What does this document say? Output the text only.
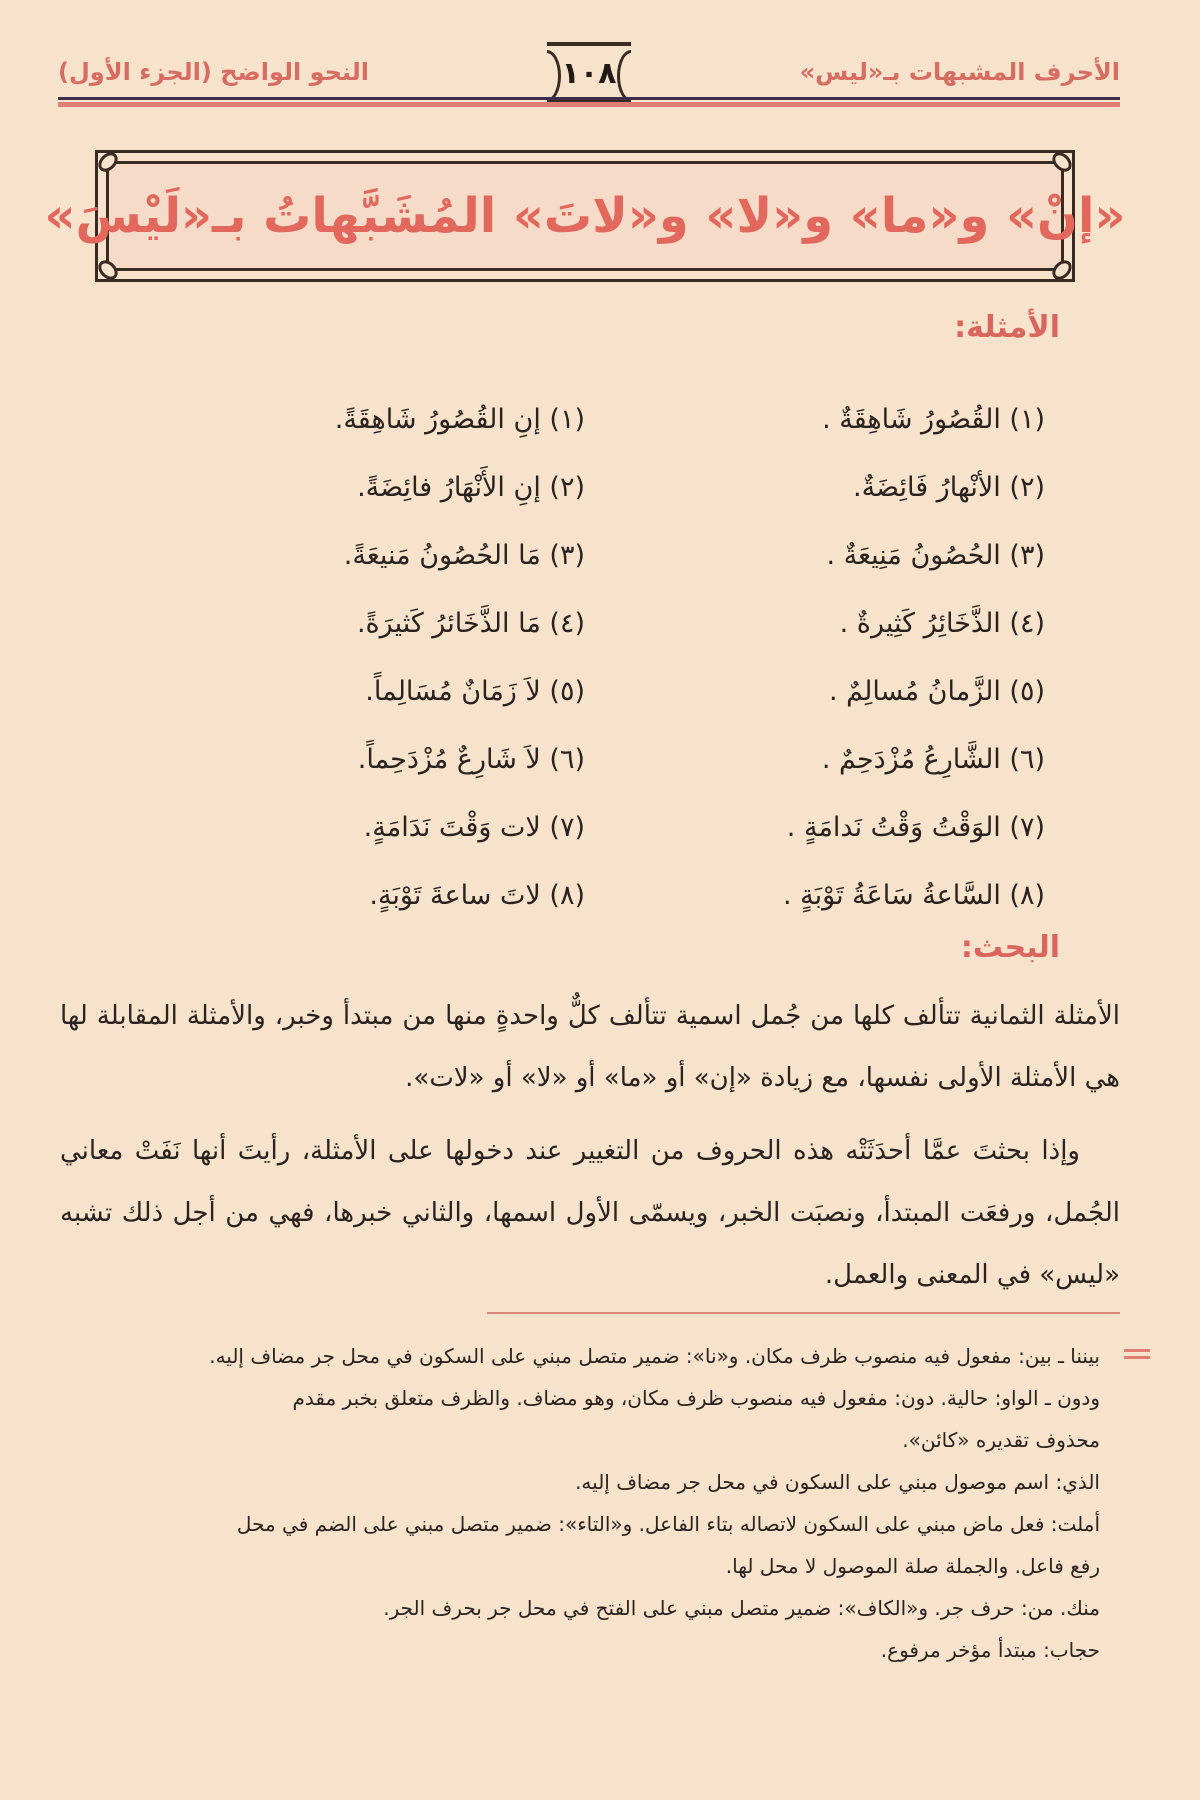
الأحرف المشبهات بـ«ليس»
١٠٨
النحو الواضح (الجزء الأول)
«إنْ» و«ما» و«لا» و«لاتَ» المُشَبَّهاتُ بـ«لَيْسَ»
الأمثلة:
(١) القُصُورُ شَاهِقَةٌ .
(١) إنِ القُصُورُ شَاهِقَةً.
(٢) الأنْهارُ فَائِضَةٌ.
(٢) إنِ الأَنْهَارُ فائِضَةً.
(٣) الحُصُونُ مَنِيعَةٌ .
(٣) مَا الحُصُونُ مَنيعَةً.
(٤) الذَّخَائِرُ كَثِيرةٌ .
(٤) مَا الذَّخَائرُ كَثيرَةً.
(٥) الزَّمانُ مُسالِمٌ .
(٥) لاَ زَمَانٌ مُسَالِماً.
(٦) الشَّارِعُ مُزْدَحِمٌ .
(٦) لاَ شَارِعٌ مُزْدَحِماً.
(٧) الوَقْتُ وَقْتُ نَدامَةٍ .
(٧) لات وَقْتَ نَدَامَةٍ.
(٨) السَّاعةُ سَاعَةُ تَوْبَةٍ .
(٨) لاتَ ساعةَ تَوْبَةٍ.
البحث:

الأمثلة الثمانية تتألف كلها من جُمل اسمية تتألف كلٌّ واحدةٍ منها من مبتدأ وخبر، والأمثلة المقابلة لها هي الأمثلة الأولى نفسها، مع زيادة «إن» أو «ما» أو «لا» أو «لات».

وإذا بحثتَ عمَّا أحدَثَتْه هذه الحروف من التغيير عند دخولها على الأمثلة، رأيتَ أنها نَفَتْ معاني الجُمل، ورفعَت المبتدأ، ونصبَت الخبر، ويسمّى الأول اسمها، والثاني خبرها، فهي من أجل ذلك تشبه «ليس» في المعنى والعمل.

بيننا ـ بين: مفعول فيه منصوب ظرف مكان. و«نا»: ضمير متصل مبني على السكون في محل جر مضاف إليه.
ودون ـ الواو: حالية. دون: مفعول فيه منصوب ظرف مكان، وهو مضاف. والظرف متعلق بخبر مقدم
محذوف تقديره «كائن».
الذي: اسم موصول مبني على السكون في محل جر مضاف إليه.
أملت: فعل ماض مبني على السكون لاتصاله بتاء الفاعل. و«التاء»: ضمير متصل مبني على الضم في محل
رفع فاعل. والجملة صلة الموصول لا محل لها.
منك. من: حرف جر. و«الكاف»: ضمير متصل مبني على الفتح في محل جر بحرف الجر.
حجاب: مبتدأ مؤخر مرفوع.
